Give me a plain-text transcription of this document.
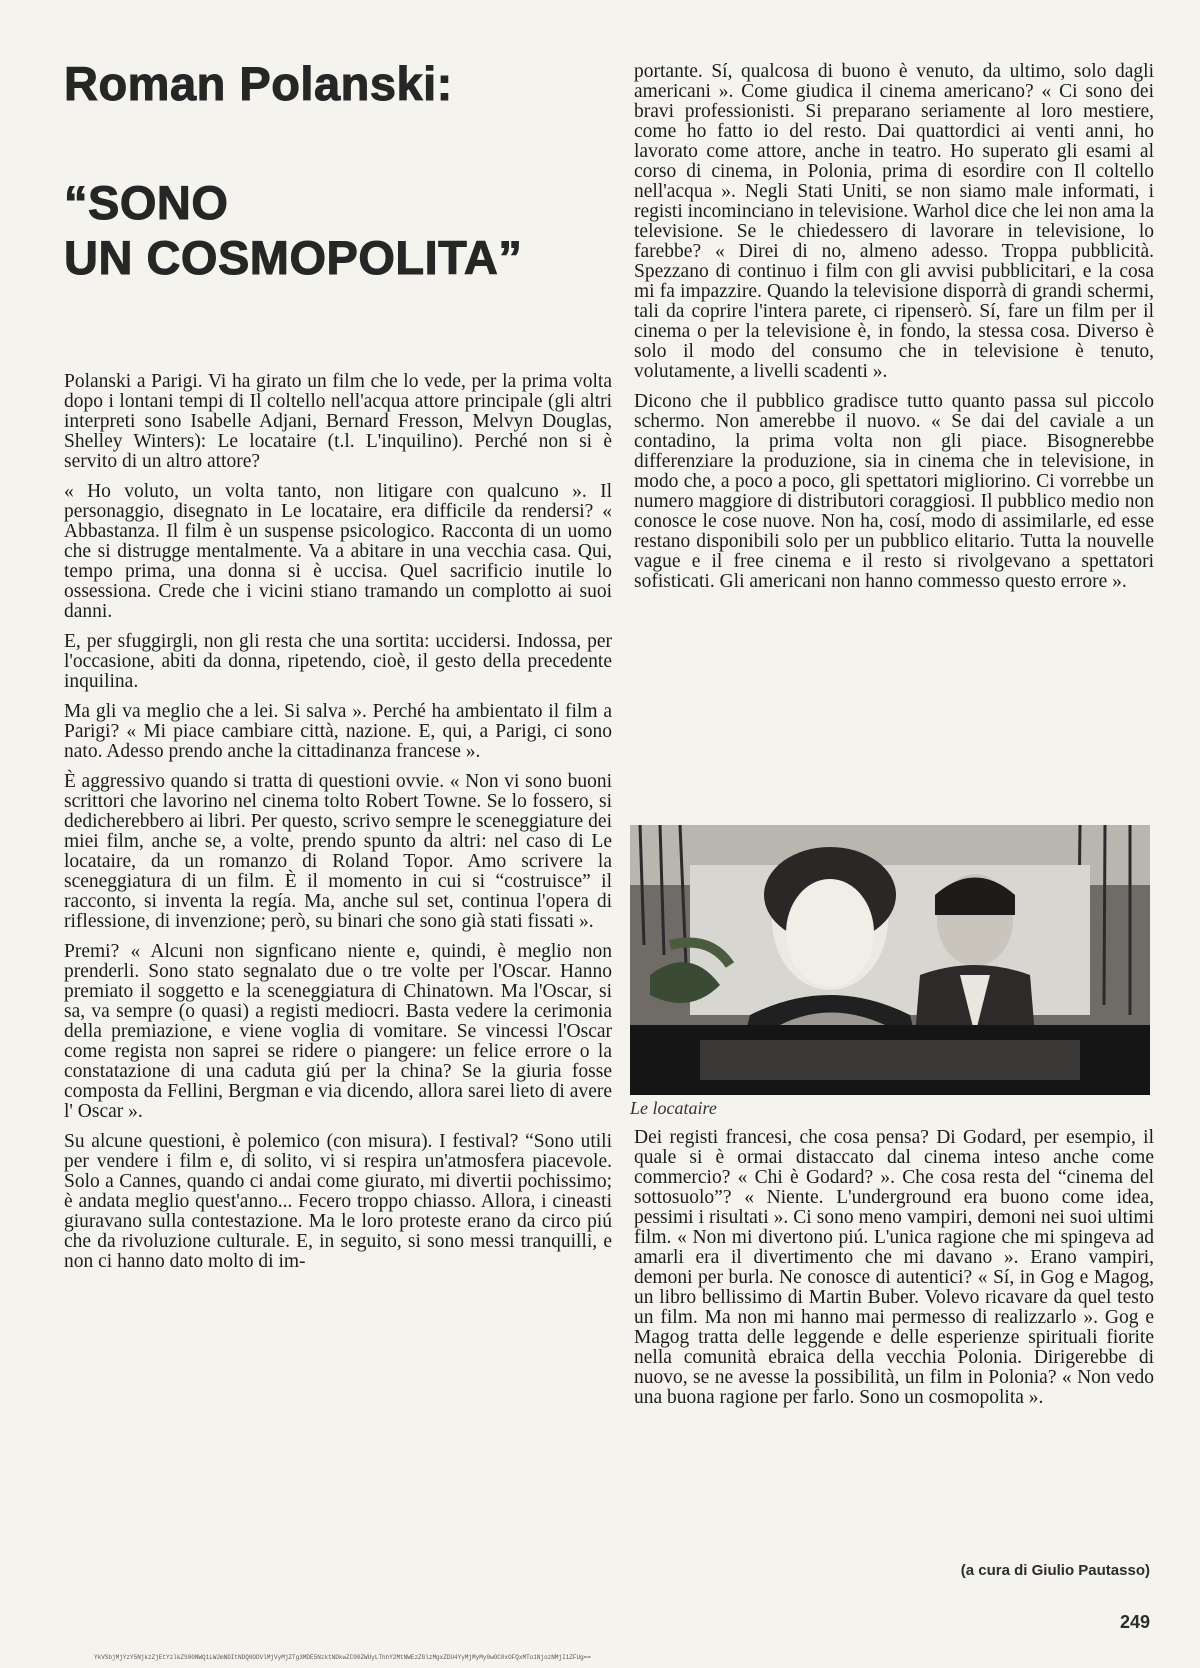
Roman Polanski:
“SONO
UN COSMOPOLITA”

Polanski a Parigi. Vi ha girato un film che lo vede, per la prima volta dopo i lontani tempi di Il coltello nell'acqua attore principale (gli altri interpreti sono Isabelle Adjani, Bernard Fresson, Melvyn Douglas, Shelley Winters): Le locataire (t.l. L'inquilino). Perché non si è servito di un altro attore?

« Ho voluto, un volta tanto, non litigare con qualcuno ». Il personaggio, disegnato in Le locataire, era difficile da rendersi? « Abbastanza. Il film è un suspense psicologico. Racconta di un uomo che si distrugge mentalmente. Va a abitare in una vecchia casa. Qui, tempo prima, una donna si è uccisa. Quel sacrificio inutile lo ossessiona. Crede che i vicini stiano tramando un complotto ai suoi danni.

E, per sfuggirgli, non gli resta che una sortita: uccidersi. Indossa, per l'occasione, abiti da donna, ripetendo, cioè, il gesto della precedente inquilina.

Ma gli va meglio che a lei. Si salva ». Perché ha ambientato il film a Parigi? « Mi piace cambiare città, nazione. E, qui, a Parigi, ci sono nato. Adesso prendo anche la cittadinanza francese ».

È aggressivo quando si tratta di questioni ovvie. « Non vi sono buoni scrittori che lavorino nel cinema tolto Robert Towne. Se lo fossero, si dedicherebbero ai libri. Per questo, scrivo sempre le sceneggiature dei miei film, anche se, a volte, prendo spunto da altri: nel caso di Le locataire, da un romanzo di Roland Topor. Amo scrivere la sceneggiatura di un film. È il momento in cui si “costruisce” il racconto, si inventa la regía. Ma, anche sul set, continua l'opera di riflessione, di invenzione; però, su binari che sono già stati fissati ».

Premi? « Alcuni non signficano niente e, quindi, è meglio non prenderli. Sono stato segnalato due o tre volte per l'Oscar. Hanno premiato il soggetto e la sceneggiatura di Chinatown. Ma l'Oscar, si sa, va sempre (o quasi) a registi mediocri. Basta vedere la cerimonia della premiazione, e viene voglia di vomitare. Se vincessi l'Oscar come regista non saprei se ridere o piangere: un felice errore o la constatazione di una caduta giú per la china? Se la giuria fosse composta da Fellini, Bergman e via dicendo, allora sarei lieto di avere l' Oscar ».

Su alcune questioni, è polemico (con misura). I festival? “Sono utili per vendere i film e, di solito, vi si respira un'atmosfera piacevole. Solo a Cannes, quando ci andai come giurato, mi divertii pochissimo; è andata meglio quest'anno... Fecero troppo chiasso. Allora, i cineasti giuravano sulla contestazione. Ma le loro proteste erano da circo piú che da rivoluzione culturale. E, in seguito, si sono messi tranquilli, e non ci hanno dato molto di im-

portante. Sí, qualcosa di buono è venuto, da ultimo, solo dagli americani ». Come giudica il cinema americano? « Ci sono dei bravi professionisti. Si preparano seriamente al loro mestiere, come ho fatto io del resto. Dai quattordici ai venti anni, ho lavorato come attore, anche in teatro. Ho superato gli esami al corso di cinema, in Polonia, prima di esordire con Il coltello nell'acqua ». Negli Stati Uniti, se non siamo male informati, i registi incominciano in televisione. Warhol dice che lei non ama la televisione. Se le chiedessero di lavorare in televisione, lo farebbe? « Direi di no, almeno adesso. Troppa pubblicità. Spezzano di continuo i film con gli avvisi pubblicitari, e la cosa mi fa impazzire. Quando la televisione disporrà di grandi schermi, tali da coprire l'intera parete, ci ripenserò. Sí, fare un film per il cinema o per la televisione è, in fondo, la stessa cosa. Diverso è solo il modo del consumo che in televisione è tenuto, volutamente, a livelli scadenti ».

Dicono che il pubblico gradisce tutto quanto passa sul piccolo schermo. Non amerebbe il nuovo. « Se dai del caviale a un contadino, la prima volta non gli piace. Bisognerebbe differenziare la produzione, sia in cinema che in televisione, in modo che, a poco a poco, gli spettatori migliorino. Ci vorrebbe un numero maggiore di distributori coraggiosi. Il pubblico medio non conosce le cose nuove. Non ha, cosí, modo di assimilarle, ed esse restano disponibili solo per un pubblico elitario. Tutta la nouvelle vague e il free cinema e il resto si rivolgevano a spettatori sofisticati. Gli americani non hanno commesso questo errore ».

Le locataire

Dei registi francesi, che cosa pensa? Di Godard, per esempio, il quale si è ormai distaccato dal cinema inteso anche come commercio? « Chi è Godard? ». Che cosa resta del “cinema del sottosuolo”? « Niente. L'underground era buono come idea, pessimi i risultati ». Ci sono meno vampiri, demoni nei suoi ultimi film. « Non mi divertono piú. L'unica ragione che mi spingeva ad amarli era il divertimento che mi davano ». Erano vampiri, demoni per burla. Ne conosce di autentici? « Sí, in Gog e Magog, un libro bellissimo di Martin Buber. Volevo ricavare da quel testo un film. Ma non mi hanno mai permesso di realizzarlo ». Gog e Magog tratta delle leggende e delle esperienze spirituali fiorite nella comunità ebraica della vecchia Polonia. Dirigerebbe di nuovo, se ne avesse la possibilità, un film in Polonia? « Non vedo una buona ragione per farlo. Sono un cosmopolita ».

(a cura di Giulio Pautasso)
249
YkVSbjMjYzY5NjkzZjEtYzlkZS00NWQ1LWJmNDItNDQ0ODVlMjVyMjZTg3MDE5NzktNDkwZC00ZWUyLThhY2MtNWEzZGlzMgxZDU4YyMjMyMy0wOC0xOFQxMTo1NjozNMjI1ZFUg==
